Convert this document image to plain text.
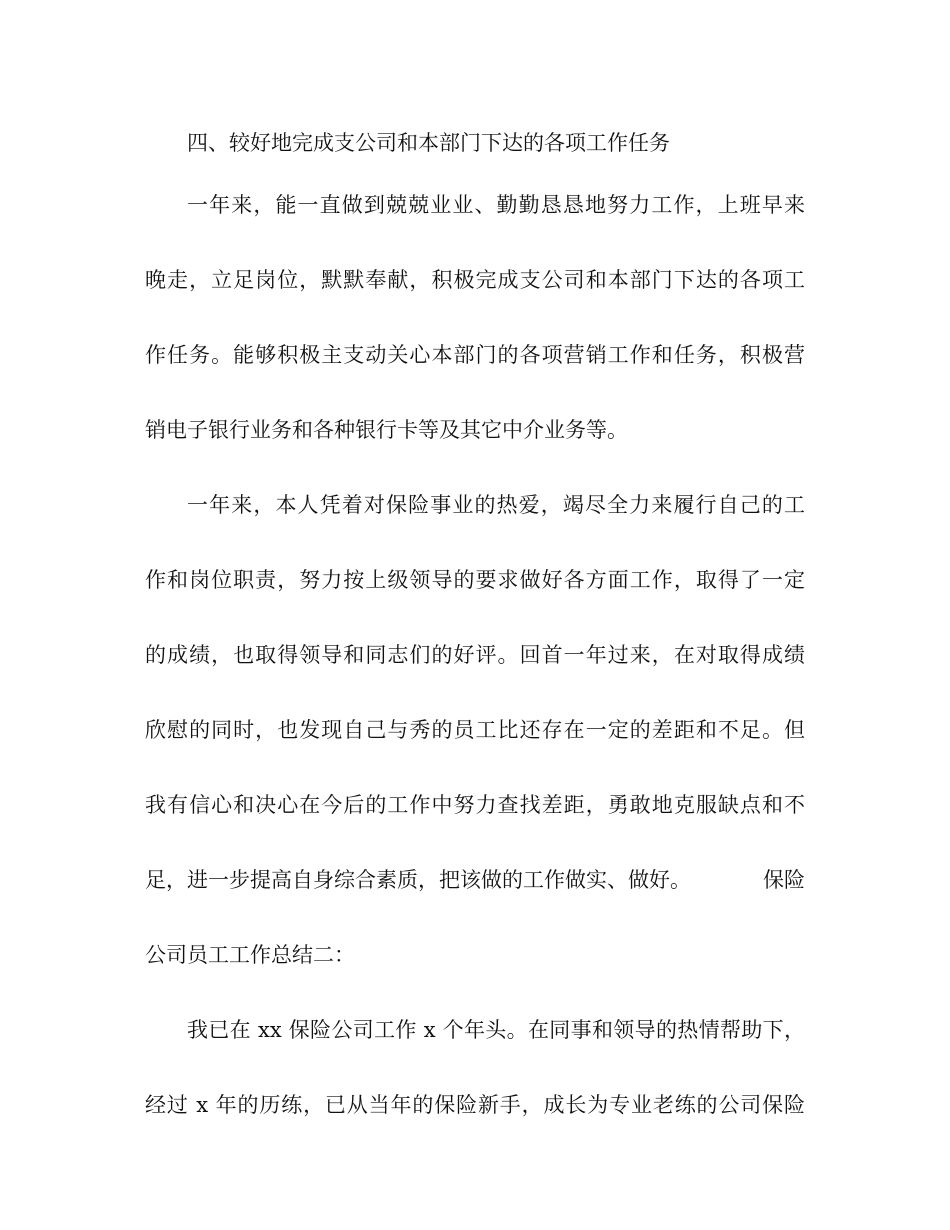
四、较好地完成支公司和本部门下达的各项工作任务
一年来，能一直做到兢兢业业、勤勤恳恳地努力工作，上班早来
晚走，立足岗位，默默奉献，积极完成支公司和本部门下达的各项工
作任务。能够积极主支动关心本部门的各项营销工作和任务，积极营
销电子银行业务和各种银行卡等及其它中介业务等。
一年来，本人凭着对保险事业的热爱，竭尽全力来履行自己的工
作和岗位职责，努力按上级领导的要求做好各方面工作，取得了一定
的成绩，也取得领导和同志们的好评。回首一年过来，在对取得成绩
欣慰的同时，也发现自己与秀的员工比还存在一定的差距和不足。但
我有信心和决心在今后的工作中努力查找差距，勇敢地克服缺点和不
足，进一步提高自身综合素质，把该做的工作做实、做好。	保险
公司员工工作总结二：
我已在 xx 保险公司工作 x 个年头。在同事和领导的热情帮助下，
经过 x 年的历练，已从当年的保险新手，成长为专业老练的公司保险
